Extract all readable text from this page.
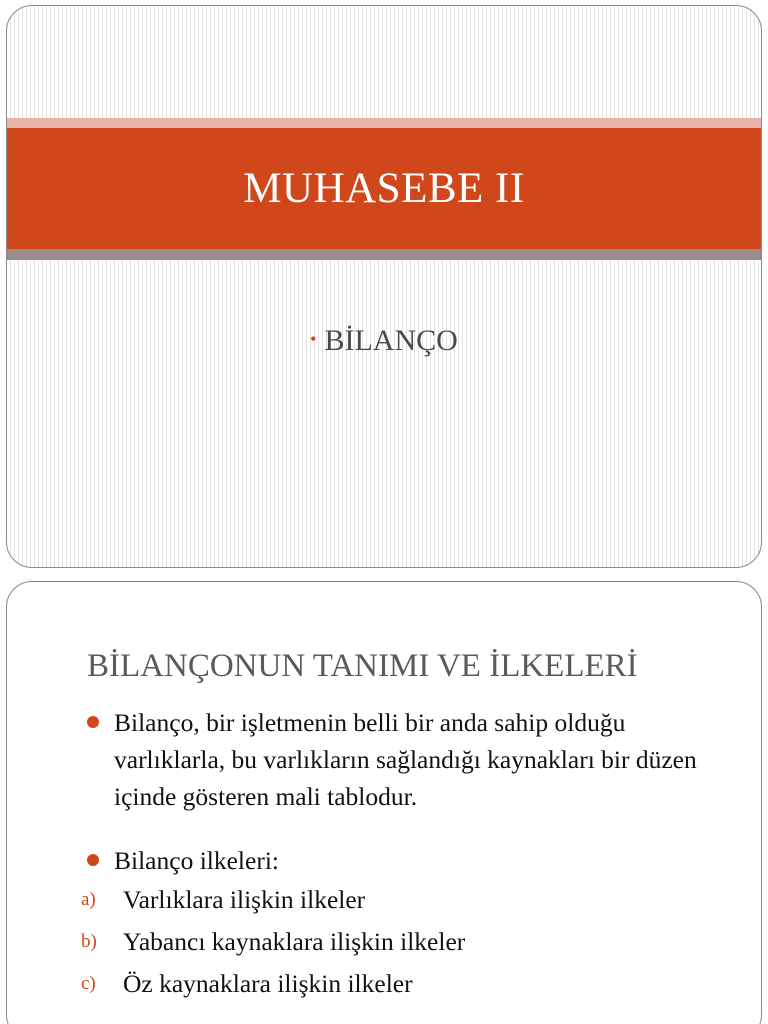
MUHASEBE II
• BİLANÇO
BİLANÇONUN TANIMI VE İLKELERİ
Bilanço, bir işletmenin belli bir anda sahip olduğu varlıklarla, bu varlıkların sağlandığı kaynakları bir düzen içinde gösteren mali tablodur.
Bilanço ilkeleri:
a) Varlıklara ilişkin ilkeler
b) Yabancı kaynaklara ilişkin ilkeler
c) Öz kaynaklara ilişkin ilkeler
